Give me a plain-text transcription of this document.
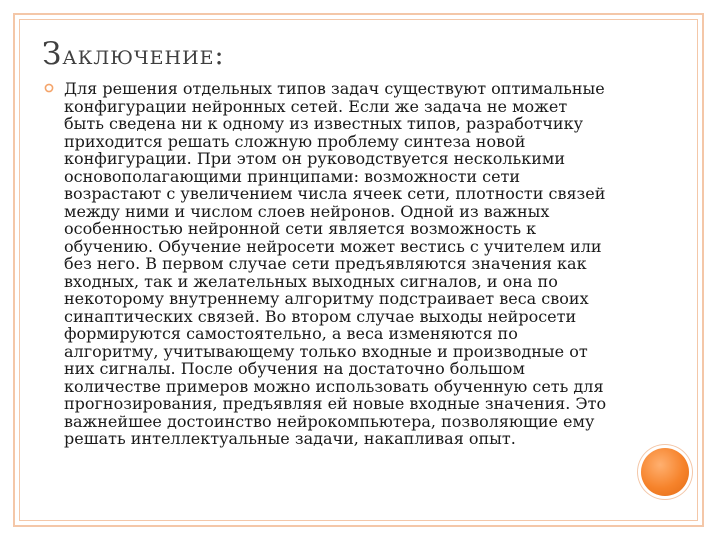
Заключение:

Для решения отдельных типов задач существуют оптимальные конфигурации нейронных сетей. Если же задача не может быть сведена ни к одному из известных типов, разработчику приходится решать сложную проблему синтеза новой конфигурации. При этом он руководствуется несколькими основополагающими принципами: возможности сети возрастают с увеличением числа ячеек сети, плотности связей между ними и числом слоев нейронов. Одной из важных особенностью нейронной сети является возможность к обучению. Обучение нейросети может вестись с учителем или без него. В первом случае сети предъявляются значения как входных, так и желательных выходных сигналов, и она по некоторому внутреннему алгоритму подстраивает веса своих синаптических связей. Во втором случае выходы нейросети формируются самостоятельно, а веса изменяются по алгоритму, учитывающему только входные и производные от них сигналы. После обучения на достаточно большом количестве примеров можно использовать обученную сеть для прогнозирования, предъявляя ей новые входные значения. Это важнейшее достоинство нейрокомпьютера, позволяющие ему решать интеллектуальные задачи, накапливая опыт.
